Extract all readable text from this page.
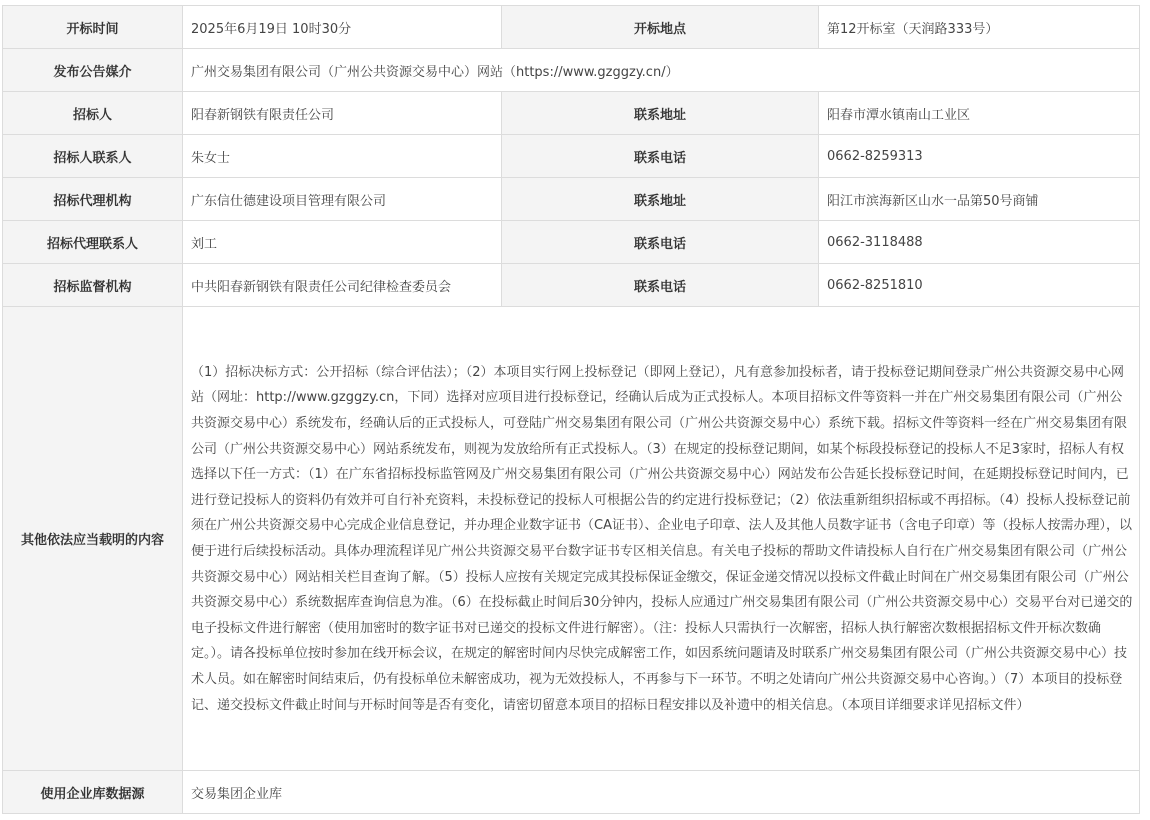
开标时间	2025年6月19日 10时30分	开标地点	第12开标室（天润路333号）
发布公告媒介	广州交易集团有限公司（广州公共资源交易中心）网站（https://www.gzggzy.cn/）		
招标人	阳春新钢铁有限责任公司	联系地址	阳春市潭水镇南山工业区
招标人联系人	朱女士	联系电话	0662-8259313
招标代理机构	广东信仕德建设项目管理有限公司	联系地址	阳江市滨海新区山水一品第50号商铺
招标代理联系人	刘工	联系电话	0662-3118488
招标监督机构	中共阳春新钢铁有限责任公司纪律检查委员会	联系电话	0662-8251810
其他依法应当载明的内容	（1）招标决标方式：公开招标（综合评估法）；（2）本项目实行网上投标登记（即网上登记），凡有意参加投标者，请于投标登记期间登录广州公共资源交易中心网站（网址：http://www.gzggzy.cn，下同）选择对应项目进行投标登记，经确认后成为正式投标人。本项目招标文件等资料一并在广州交易集团有限公司（广州公共资源交易中心）系统发布，经确认后的正式投标人，可登陆广州交易集团有限公司（广州公共资源交易中心）系统下载。招标文件等资料一经在广州交易集团有限公司（广州公共资源交易中心）网站系统发布，则视为发放给所有正式投标人。（3）在规定的投标登记期间，如某个标段投标登记的投标人不足3家时，招标人有权选择以下任一方式：（1）在广东省招标投标监管网及广州交易集团有限公司（广州公共资源交易中心）网站发布公告延长投标登记时间，在延期投标登记时间内，已进行登记投标人的资料仍有效并可自行补充资料，未投标登记的投标人可根据公告的约定进行投标登记；（2）依法重新组织招标或不再招标。（4）投标人投标登记前须在广州公共资源交易中心完成企业信息登记，并办理企业数字证书（CA证书）、企业电子印章、法人及其他人员数字证书（含电子印章）等（投标人按需办理），以便于进行后续投标活动。具体办理流程详见广州公共资源交易平台数字证书专区相关信息。有关电子投标的帮助文件请投标人自行在广州交易集团有限公司（广州公共资源交易中心）网站相关栏目查询了解。（5）投标人应按有关规定完成其投标保证金缴交，保证金递交情况以投标文件截止时间在广州交易集团有限公司（广州公共资源交易中心）系统数据库查询信息为准。（6）在投标截止时间后30分钟内，投标人应通过广州交易集团有限公司（广州公共资源交易中心）交易平台对已递交的电子投标文件进行解密（使用加密时的数字证书对已递交的投标文件进行解密）。（注：投标人只需执行一次解密，招标人执行解密次数根据招标文件开标次数确定。）。请各投标单位按时参加在线开标会议，在规定的解密时间内尽快完成解密工作，如因系统问题请及时联系广州交易集团有限公司（广州公共资源交易中心）技术人员。如在解密时间结束后，仍有投标单位未解密成功，视为无效投标人，不再参与下一环节。不明之处请向广州公共资源交易中心咨询。）（7）本项目的投标登记、递交投标文件截止时间与开标时间等是否有变化，请密切留意本项目的招标日程安排以及补遗中的相关信息。（本项目详细要求详见招标文件）		
使用企业库数据源	交易集团企业库		
